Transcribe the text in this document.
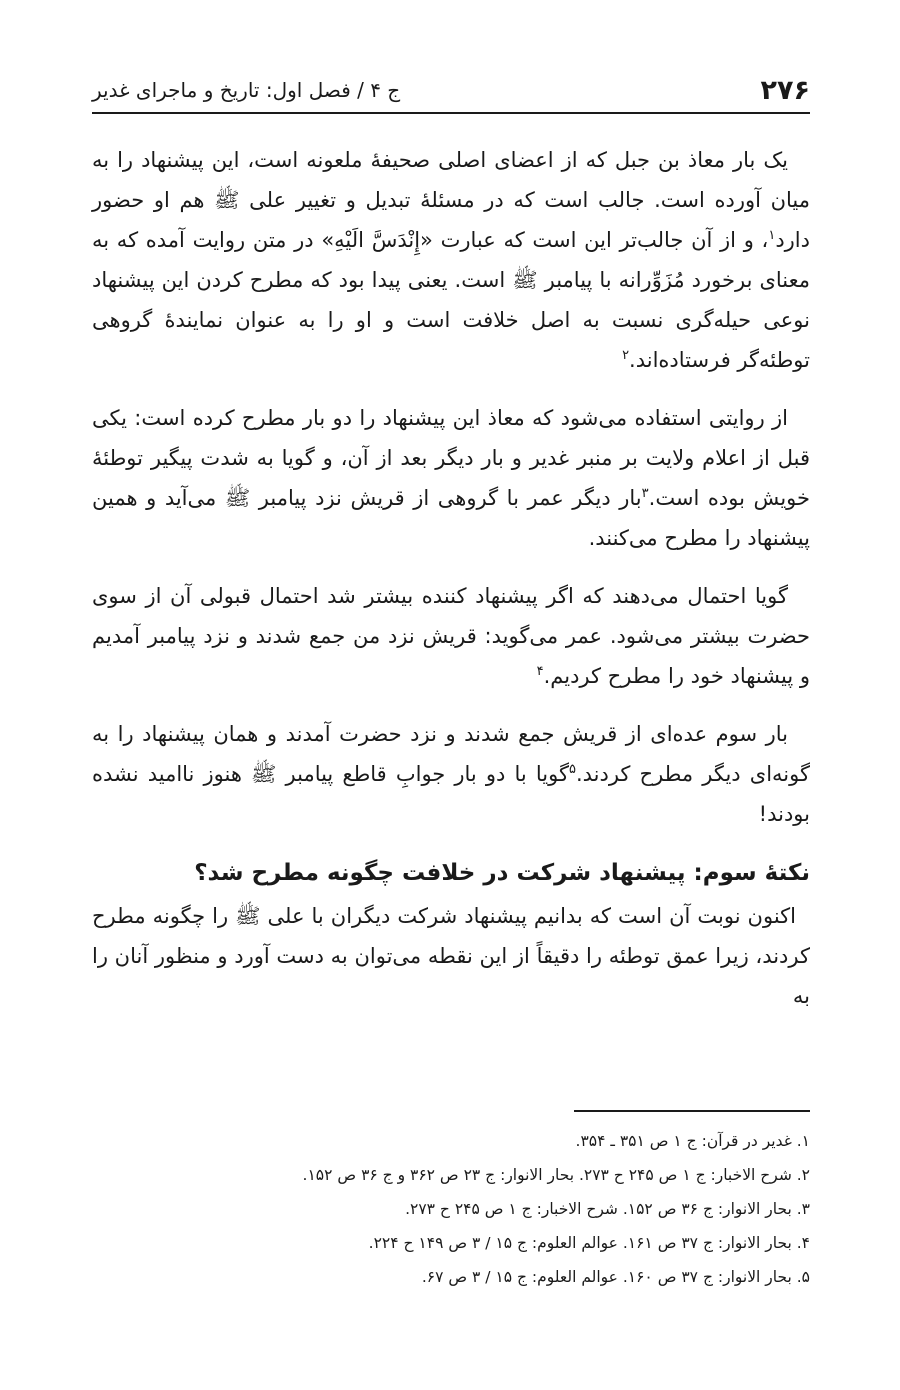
۲۷۶
ج ۴ / فصل اول: تاریخ و ماجرای غدیر

یک بار معاذ بن جبل که از اعضای اصلی صحیفهٔ ملعونه است، این پیشنهاد را به میان آورده است. جالب است که در مسئلهٔ تبدیل و تغییر علی ﷺ هم او حضور دارد$^۱$، و از آن جالب‌تر این است که عبارت «إِنْدَسَّ الَیْهِ» در متن روایت آمده که به معنای برخورد مُزَوِّرانه با پیامبر ﷺ است. یعنی پیدا بود که مطرح کردن این پیشنهاد نوعی حیله‌گری نسبت به اصل خلافت است و او را به عنوان نمایندهٔ گروهی توطئه‌گر فرستاده‌اند.$^۲$

از روایتی استفاده می‌شود که معاذ این پیشنهاد را دو بار مطرح کرده است: یکی قبل از اعلام ولایت بر منبر غدیر و بار دیگر بعد از آن، و گویا به شدت پیگیر توطئهٔ خویش بوده است.$^۳$بار دیگر عمر با گروهی از قریش نزد پیامبر ﷺ می‌آید و همین پیشنهاد را مطرح می‌کنند.

گویا احتمال می‌دهند که اگر پیشنهاد کننده بیشتر شد احتمال قبولی آن از سوی حضرت بیشتر می‌شود. عمر می‌گوید: قریش نزد من جمع شدند و نزد پیامبر آمدیم و پیشنهاد خود را مطرح کردیم.$^۴$

بار سوم عده‌ای از قریش جمع شدند و نزد حضرت آمدند و همان پیشنهاد را به گونه‌ای دیگر مطرح کردند.$^۵$گویا با دو بار جوابِ قاطع پیامبر ﷺ هنوز ناامید نشده بودند!

نکتهٔ سوم: پیشنهاد شرکت در خلافت چگونه مطرح شد؟

اکنون نوبت آن است که بدانیم پیشنهاد شرکت دیگران با علی ﷺ را چگونه مطرح کردند، زیرا عمق توطئه را دقیقاً از این نقطه می‌توان به دست آورد و منظور آنان را به

۱. غدیر در قرآن: ج ۱ ص ۳۵۱ ـ ۳۵۴.
۲. شرح الاخبار: ج ۱ ص ۲۴۵ ح ۲۷۳. بحار الانوار: ج ۲۳ ص ۳۶۲ و ج ۳۶ ص ۱۵۲.
۳. بحار الانوار: ج ۳۶ ص ۱۵۲. شرح الاخبار: ج ۱ ص ۲۴۵ ح ۲۷۳.
۴. بحار الانوار: ج ۳۷ ص ۱۶۱. عوالم العلوم: ج ۱۵ / ۳ ص ۱۴۹ ح ۲۲۴.
۵. بحار الانوار: ج ۳۷ ص ۱۶۰. عوالم العلوم: ج ۱۵ / ۳ ص ۶۷.
